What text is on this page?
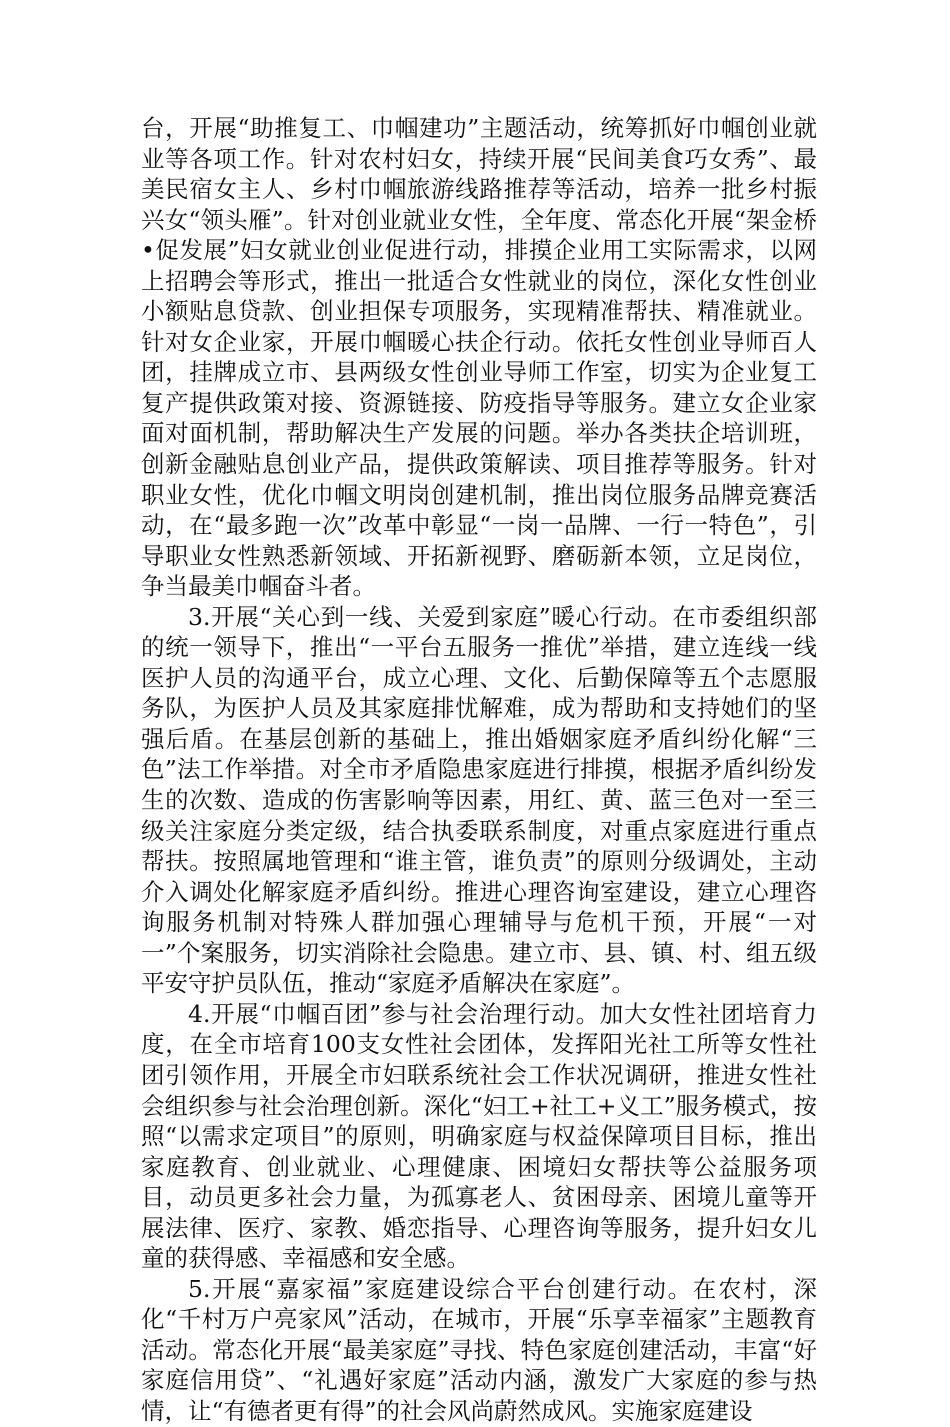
台，开展“助推复工、巾帼建功”主题活动，统筹抓好巾帼创业就业等各项工作。针对农村妇女，持续开展“民间美食巧女秀”、最美民宿女主人、乡村巾帼旅游线路推荐等活动，培养一批乡村振兴女“领头雁”。针对创业就业女性，全年度、常态化开展“架金桥•促发展”妇女就业创业促进行动，排摸企业用工实际需求，以网上招聘会等形式，推出一批适合女性就业的岗位，深化女性创业小额贴息贷款、创业担保专项服务，实现精准帮扶、精准就业。针对女企业家，开展巾帼暖心扶企行动。依托女性创业导师百人团，挂牌成立市、县两级女性创业导师工作室，切实为企业复工复产提供政策对接、资源链接、防疫指导等服务。建立女企业家面对面机制，帮助解决生产发展的问题。举办各类扶企培训班，创新金融贴息创业产品，提供政策解读、项目推荐等服务。针对职业女性，优化巾帼文明岗创建机制，推出岗位服务品牌竞赛活动，在“最多跑一次”改革中彰显“一岗一品牌、一行一特色”，引导职业女性熟悉新领域、开拓新视野、磨砺新本领，立足岗位，争当最美巾帼奋斗者。

3.开展“关心到一线、关爱到家庭”暖心行动。在市委组织部的统一领导下，推出“一平台五服务一推优”举措，建立连线一线医护人员的沟通平台，成立心理、文化、后勤保障等五个志愿服务队，为医护人员及其家庭排忧解难，成为帮助和支持她们的坚强后盾。在基层创新的基础上，推出婚姻家庭矛盾纠纷化解“三色”法工作举措。对全市矛盾隐患家庭进行排摸，根据矛盾纠纷发生的次数、造成的伤害影响等因素，用红、黄、蓝三色对一至三级关注家庭分类定级，结合执委联系制度，对重点家庭进行重点帮扶。按照属地管理和“谁主管，谁负责”的原则分级调处，主动介入调处化解家庭矛盾纠纷。推进心理咨询室建设，建立心理咨询服务机制对特殊人群加强心理辅导与危机干预，开展“一对一”个案服务，切实消除社会隐患。建立市、县、镇、村、组五级平安守护员队伍，推动“家庭矛盾解决在家庭”。

4.开展“巾帼百团”参与社会治理行动。加大女性社团培育力度，在全市培育100支女性社会团体，发挥阳光社工所等女性社团引领作用，开展全市妇联系统社会工作状况调研，推进女性社会组织参与社会治理创新。深化“妇工+社工+义工”服务模式，按照“以需求定项目”的原则，明确家庭与权益保障项目目标，推出家庭教育、创业就业、心理健康、困境妇女帮扶等公益服务项目，动员更多社会力量，为孤寡老人、贫困母亲、困境儿童等开展法律、医疗、家教、婚恋指导、心理咨询等服务，提升妇女儿童的获得感、幸福感和安全感。

5.开展“嘉家福”家庭建设综合平台创建行动。在农村，深化“千村万户亮家风”活动，在城市，开展“乐享幸福家”主题教育活动。常态化开展“最美家庭”寻找、特色家庭创建活动，丰富“好家庭信用贷”、“礼遇好家庭”活动内涵，激发广大家庭的参与热情，让“有德者更有得”的社会风尚蔚然成风。实施家庭建设
